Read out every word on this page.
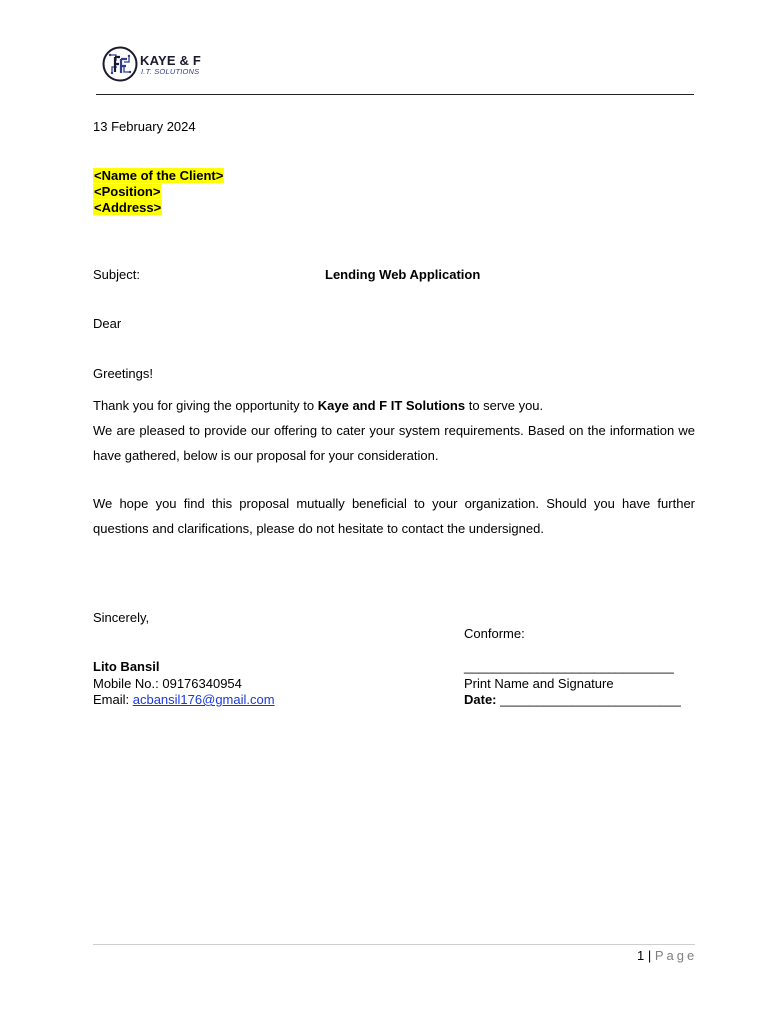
KAYE & F
I.T. SOLUTIONS
13 February 2024
<Name of the Client>
<Position>
<Address>
Subject:	Lending Web Application
Dear
Greetings!
Thank you for giving the opportunity to Kaye and F IT Solutions to serve you.
We are pleased to provide our offering to cater your system requirements. Based on the information we have gathered, below is our proposal for your consideration.
We hope you find this proposal mutually beneficial to your organization. Should you have further questions and clarifications, please do not hesitate to contact the undersigned.
Sincerely,
Conforme:
Lito Bansil
Mobile No.: 09176340954
Email: acbansil176@gmail.com
_____________________________
Print Name and Signature
Date: _________________________
1 | Page
